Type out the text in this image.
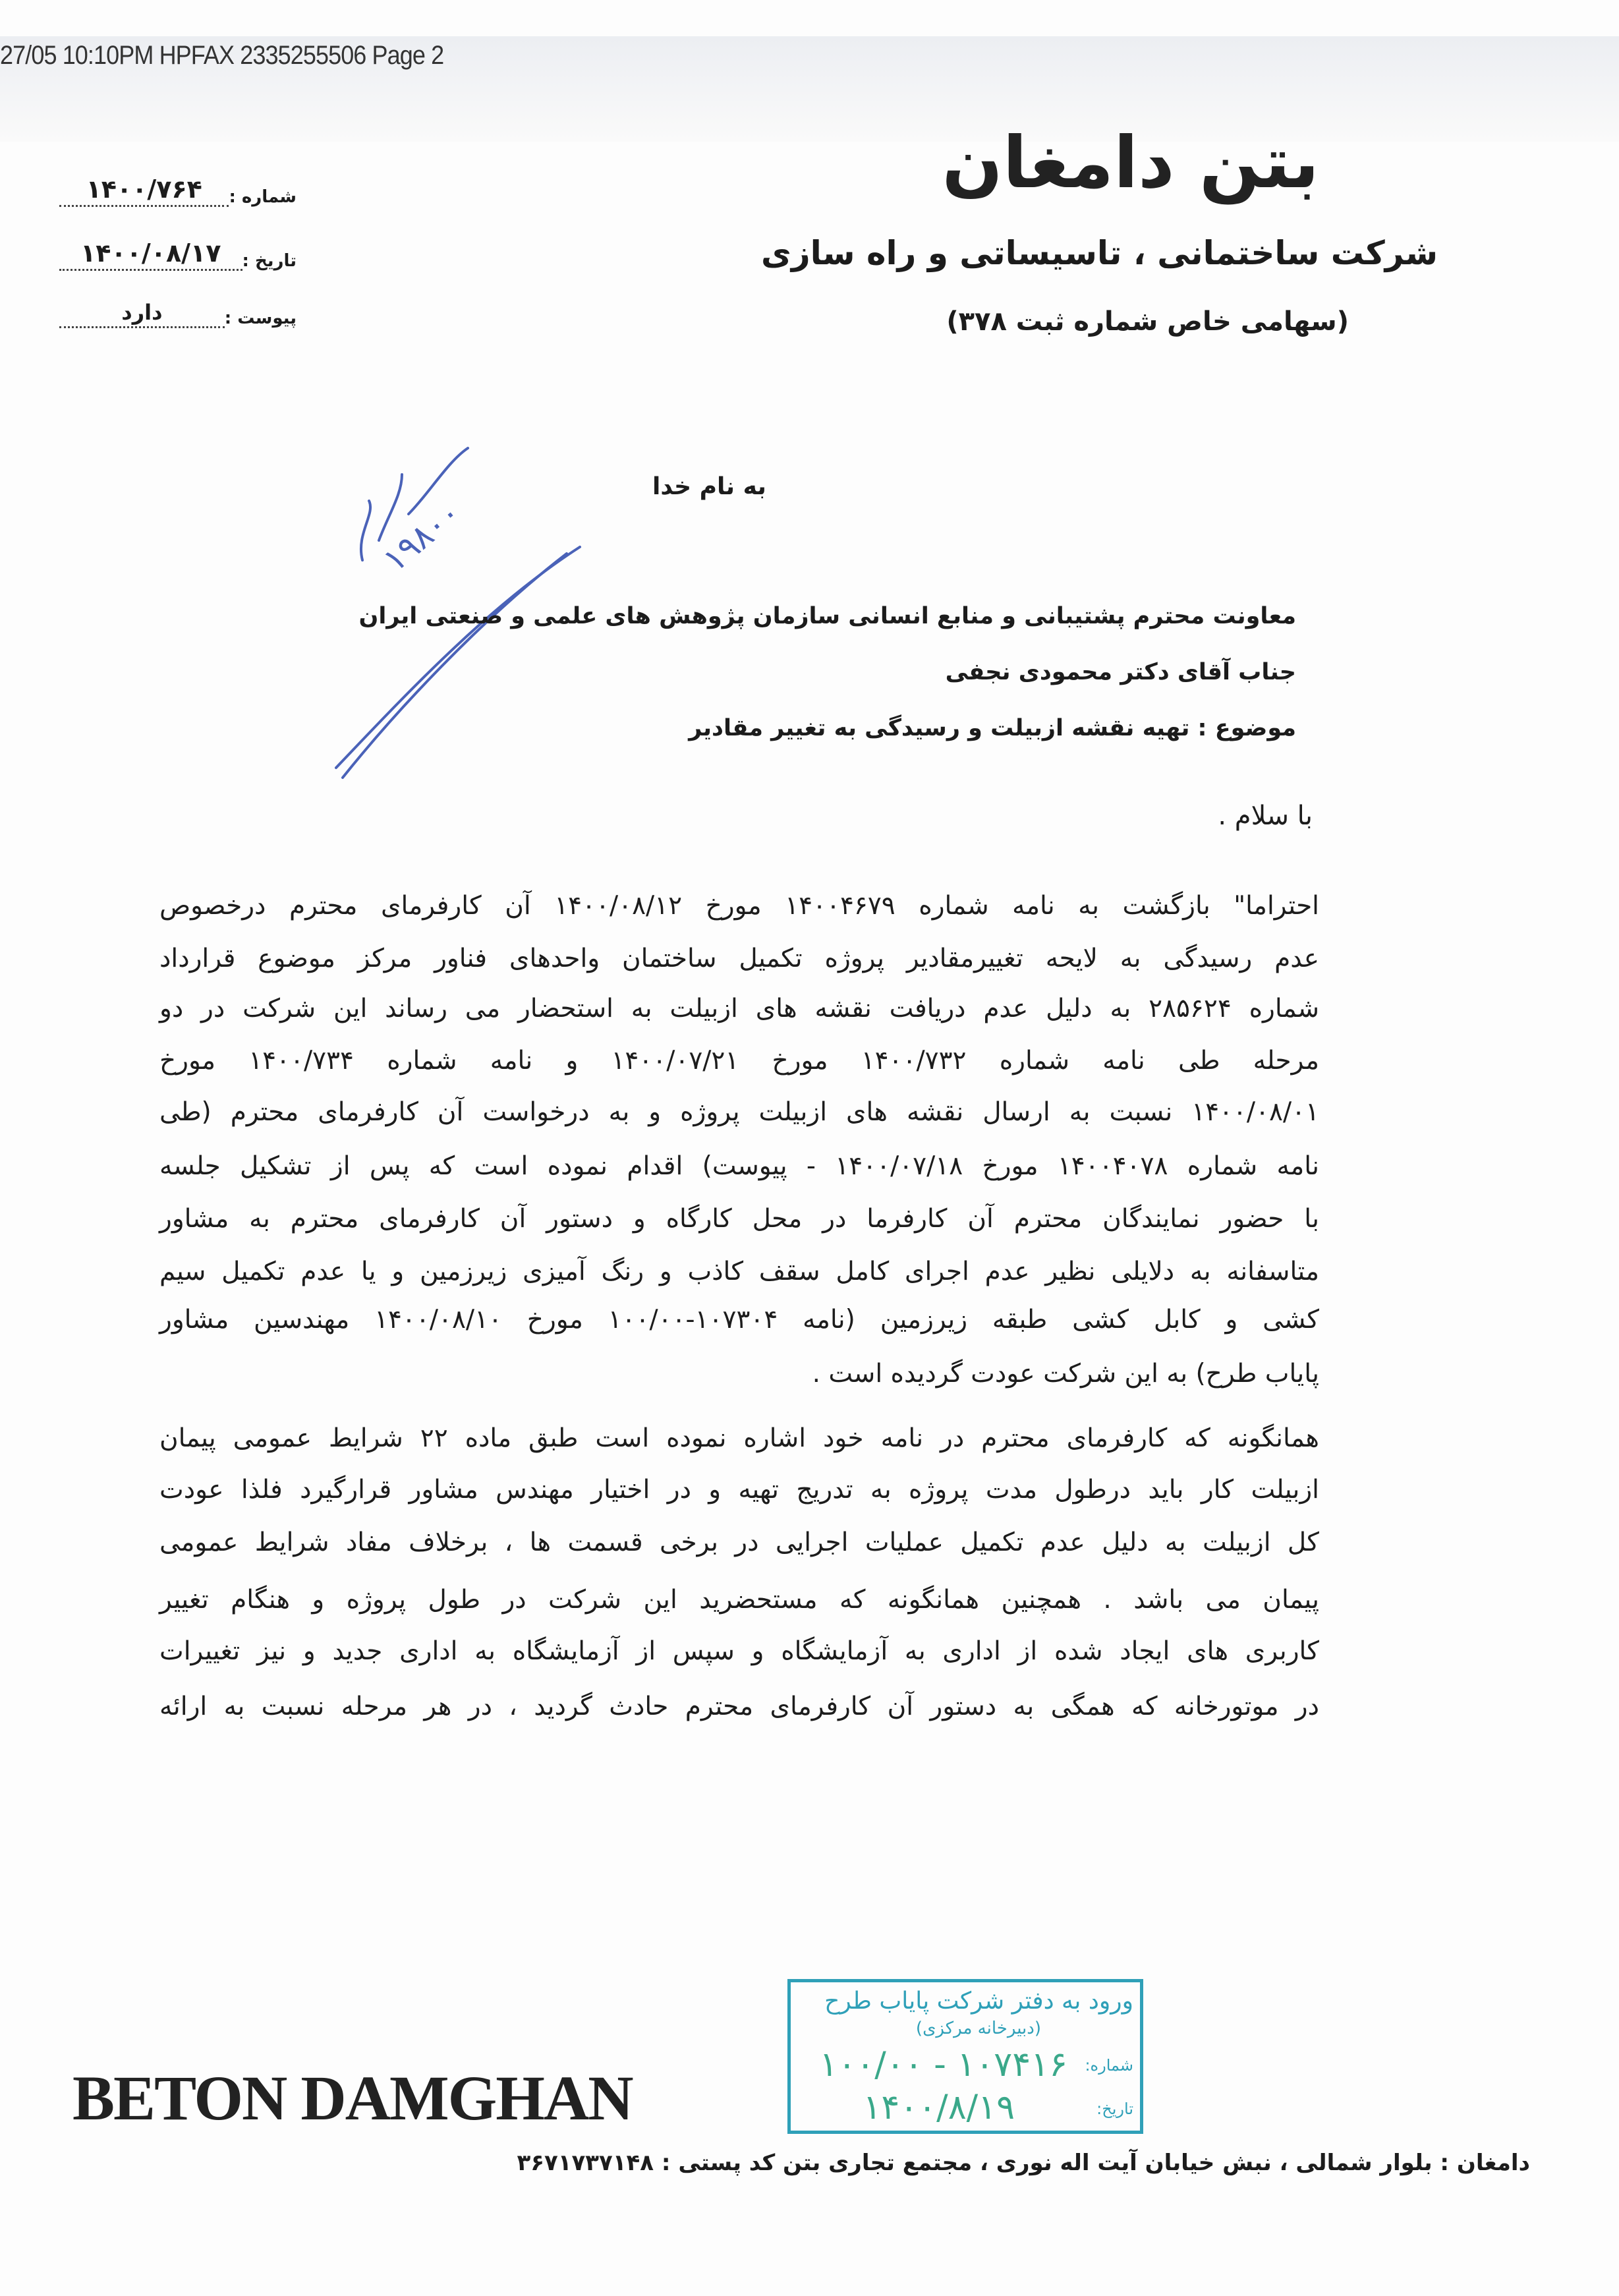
27/05 10:10PM HPFAX 2335255506 Page 2
بتن دامغان
شرکت ساختمانی ، تاسیساتی و راه سازی
(سهامی خاص شماره ثبت ۳۷۸)
شماره :
۱۴۰۰/۷۶۴
تاریخ :
۱۴۰۰/۰۸/۱۷
پیوست :
دارد
به نام خدا
۱۹۸۰۰
معاونت محترم پشتیبانی و منابع انسانی سازمان پژوهش های علمی و صنعتی ایران
جناب آقای دکتر محمودی نجفی
موضوع : تهیه نقشه ازبیلت و رسیدگی به تغییر مقادیر
با سلام .
احتراما" بازگشت به نامه شماره ۱۴۰۰۴۶۷۹ مورخ ۱۴۰۰/۰۸/۱۲ آن کارفرمای محترم درخصوص
عدم رسیدگی به لایحه تغییرمقادیر پروژه تکمیل ساختمان واحدهای فناور مرکز موضوع قرارداد
شماره ۲۸۵۶۲۴ به دلیل عدم دریافت نقشه های ازبیلت به استحضار می رساند این شرکت در دو
مرحله طی نامه شماره ۱۴۰۰/۷۳۲ مورخ ۱۴۰۰/۰۷/۲۱ و نامه شماره ۱۴۰۰/۷۳۴ مورخ
۱۴۰۰/۰۸/۰۱ نسبت به ارسال نقشه های ازبیلت پروژه و به درخواست آن کارفرمای محترم (طی
نامه شماره ۱۴۰۰۴۰۷۸ مورخ ۱۴۰۰/۰۷/۱۸ - پیوست) اقدام نموده است که پس از تشکیل جلسه
با حضور نمایندگان محترم آن کارفرما در محل کارگاه و دستور آن کارفرمای محترم به مشاور
متاسفانه به دلایلی نظیر عدم اجرای کامل سقف کاذب و رنگ آمیزی زیرزمین و یا عدم تکمیل سیم
کشی و کابل کشی طبقه زیرزمین (نامه ۱۰۷۳۰۴-۱۰۰/۰۰ مورخ ۱۴۰۰/۰۸/۱۰ مهندسین مشاور
پایاب طرح) به این شرکت عودت گردیده است .
همانگونه که کارفرمای محترم در نامه خود اشاره نموده است طبق ماده ۲۲ شرایط عمومی پیمان
ازبیلت کار باید درطول مدت پروژه به تدریج تهیه و در اختیار مهندس مشاور قرارگیرد فلذا عودت
کل ازبیلت به دلیل عدم تکمیل عملیات اجرایی در برخی قسمت ها ، برخلاف مفاد شرایط عمومی
پیمان می باشد . همچنین همانگونه که مستحضرید این شرکت در طول پروژه و هنگام تغییر
کاربری های ایجاد شده از اداری به آزمایشگاه و سپس از آزمایشگاه به اداری جدید و نیز تغییرات
در موتورخانه که همگی به دستور آن کارفرمای محترم حادث گردید ، در هر مرحله نسبت به ارائه
ورود به دفتر شرکت پایاب طرح
(دبیرخانه مرکزی)
شماره:
۱۰۷۴۱۶ - ۱۰۰/۰۰
تاریخ:
۱۴۰۰/۸/۱۹
BETON DAMGHAN
دامغان : بلوار شمالی ، نبش خیابان آیت اله نوری ، مجتمع تجاری بتن کد پستی : ۳۶۷۱۷۳۷۱۴۸
